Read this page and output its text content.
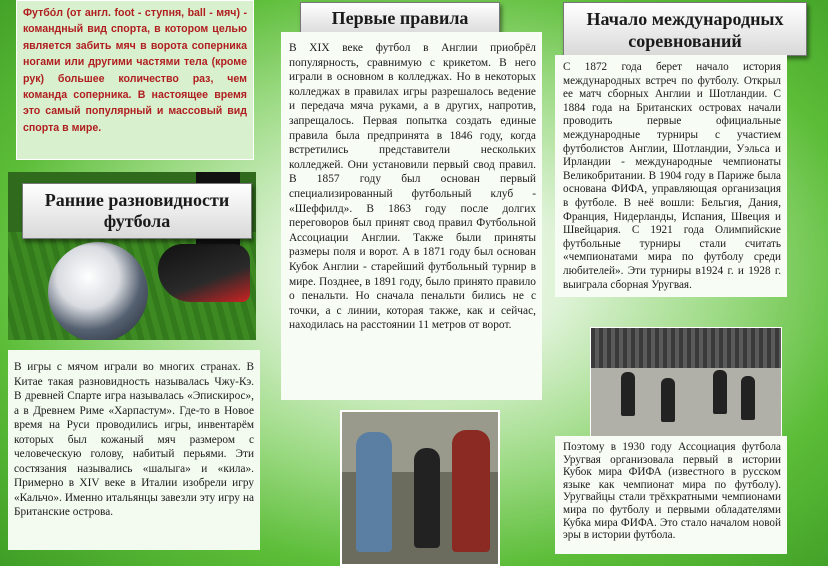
Футбо́л (от англ. foot - ступня, ball - мяч) - командный вид спорта, в котором целью является забить мяч в ворота соперника ногами или другими частями тела (кроме рук) большее количество раз, чем команда соперника. В настоящее время это самый популярный и массовый вид спорта в мире.
Ранние разновидности футбола
В игры с мячом играли во многих странах. В Китае такая разновидность называлась Чжу-Кэ. В древней Спарте игра называлась «Эпискирос», а в Древнем Риме «Харпастум». Где-то в Новое время на Руси проводились игры, инвентарём которых был кожаный мяч размером с человеческую голову, набитый перьями. Эти состязания назывались «шалыга» и «кила». Примерно в XIV веке в Италии изобрели игру «Кальчо». Именно итальянцы завезли эту игру на Британские острова.
Первые правила
В XIX веке футбол в Англии приобрёл популярность, сравнимую с крикетом. В него играли в основном в колледжах. Но в некоторых колледжах в правилах игры разрешалось ведение и передача мяча руками, а в других, напротив, запрещалось. Первая попытка создать единые правила была предпринята в 1846 году, когда встретились представители нескольких колледжей. Они установили первый свод правил. В 1857 году был основан первый специализированный футбольный клуб - «Шеффилд». В 1863 году после долгих переговоров был принят свод правил Футбольной Ассоциации Англии. Также были приняты размеры поля и ворот. А в 1871 году был основан Кубок Англии - старейший футбольный турнир в мире. Позднее, в 1891 году, было принято правило о пенальти. Но сначала пенальти бились не с точки, а с линии, которая также, как и сейчас, находилась на расстоянии 11 метров от ворот.
Начало международных соревнований
С 1872 года берет начало история международных встреч по футболу. Открыл ее матч сборных Англии и Шотландии. С 1884 года на Британских островах начали проводить первые официальные международные турниры с участием футболистов Англии, Шотландии, Уэльса и Ирландии - международные чемпионаты Великобритании. В 1904 году в Париже была основана ФИФА, управляющая организация в футболе. В неё вошли: Бельгия, Дания, Франция, Нидерланды, Испания, Швеция и Швейцария. С 1921 года Олимпийские футбольные турниры стали считать «чемпионатами мира по футболу среди любителей». Эти турниры в1924 г. и 1928 г. выиграла сборная Уругвая.
Поэтому в 1930 году Ассоциация футбола Уругвая организовала первый в истории Кубок мира ФИФА (известного в русском языке как чемпионат мира по футболу). Уругвайцы стали трёхкратными чемпионами мира по футболу и первыми обладателями Кубка мира ФИФА. Это стало началом новой эры в истории футбола.
